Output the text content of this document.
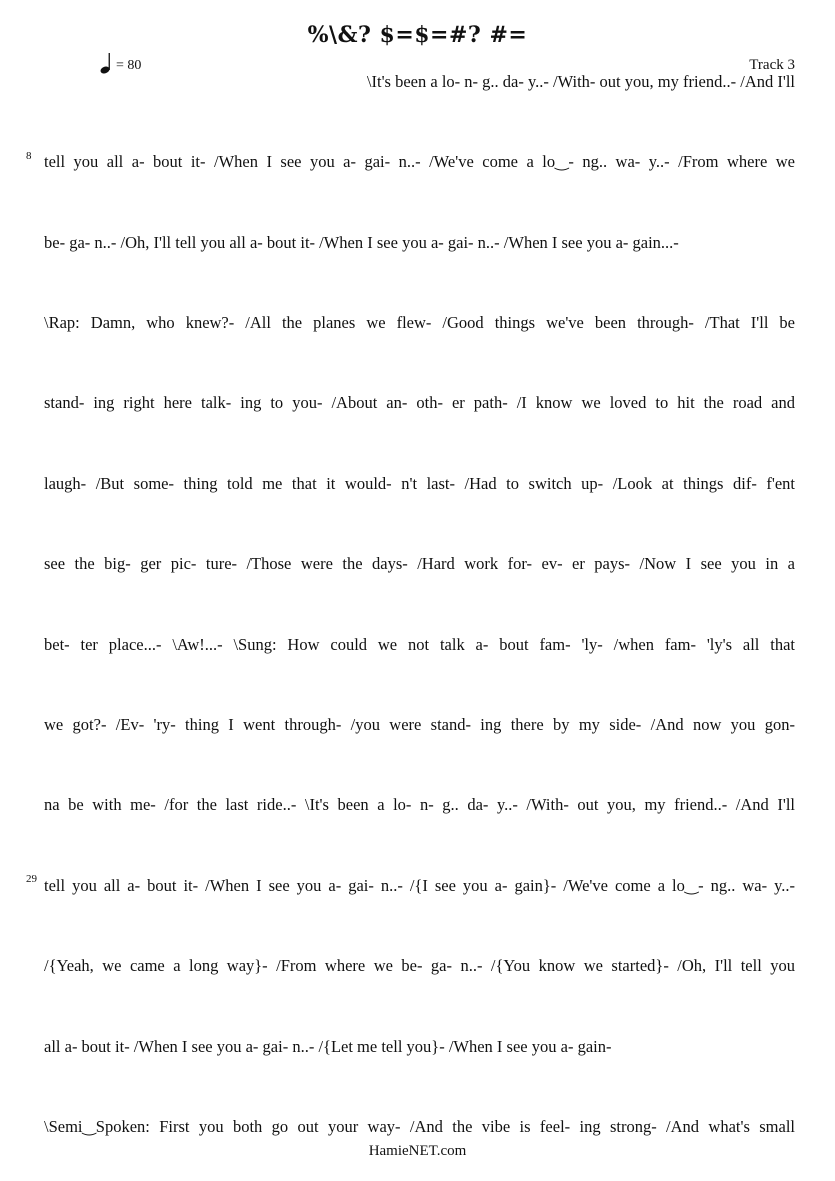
%\&? $=$=#? #=
= 80	Track 3
\It's been a lo- n- g.. da- y..- /With- out you, my friend..- /And I'll
8 tell you all a- bout it- /When I see you a- gai- n..- /We've come a lo‿- ng.. wa- y..- /From where we
be- ga- n..- /Oh, I'll tell you all a- bout it- /When I see you a- gai- n..- /When I see you a- gain...-
\Rap: Damn, who knew?- /All the planes we flew- /Good things we've been through- /That I'll be
stand- ing right here talk- ing to you- /About an- oth- er path- /I know we loved to hit the road and
laugh- /But some- thing told me that it would- n't last- /Had to switch up- /Look at things dif- f'ent
see the big- ger pic- ture- /Those were the days- /Hard work for- ev- er pays- /Now I see you in a
bet- ter place...- \Aw!...- \Sung: How could we not talk a- bout fam- 'ly- /when fam- 'ly's all that
we got?- /Ev- 'ry- thing I went through- /you were stand- ing there by my side- /And now you gon-
na be with me- /for the last ride..- \It's been a lo- n- g.. da- y..- /With- out you, my friend..- /And I'll
29 tell you all a- bout it- /When I see you a- gai- n..- /{I see you a- gain}- /We've come a lo‿- ng.. wa- y..-
/{Yeah, we came a long way}- /From where we be- ga- n..- /{You know we started}- /Oh, I'll tell you
all a- bout it- /When I see you a- gai- n..- /{Let me tell you}- /When I see you a- gain-
\Semi‿Spoken: First you both go out your way- /And the vibe is feel- ing strong- /And what's small
HamieNET.com
